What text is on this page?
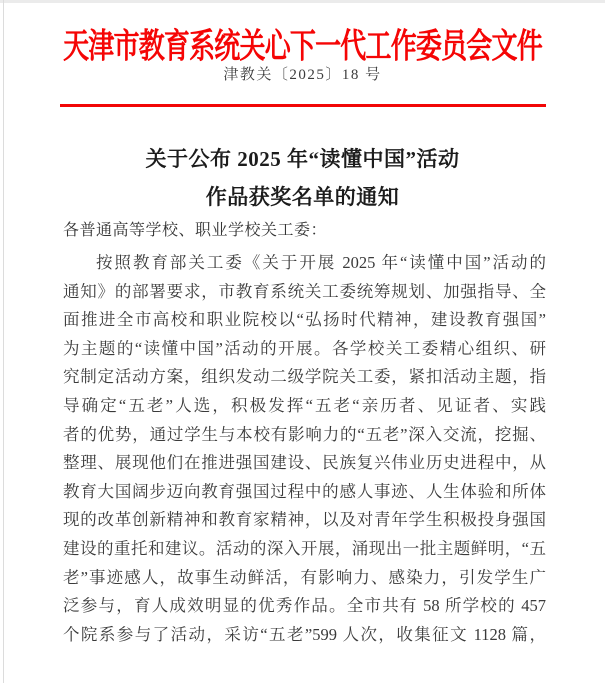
天津市教育系统关心下一代工作委员会文件
津教关〔2025〕18 号
关于公布 2025 年“读懂中国”活动
作品获奖名单的通知
各普通高等学校、职业学校关工委：
按照教育部关工委《关于开展 2025 年“读懂中国”活动的
通知》的部署要求，市教育系统关工委统筹规划、加强指导、全
面推进全市高校和职业院校以“弘扬时代精神，建设教育强国”
为主题的“读懂中国”活动的开展。各学校关工委精心组织、研
究制定活动方案，组织发动二级学院关工委，紧扣活动主题，指
导确定“五老”人选，积极发挥“五老“亲历者、见证者、实践
者的优势，通过学生与本校有影响力的“五老”深入交流，挖掘、
整理、展现他们在推进强国建设、民族复兴伟业历史进程中，从
教育大国阔步迈向教育强国过程中的感人事迹、人生体验和所体
现的改革创新精神和教育家精神，以及对青年学生积极投身强国
建设的重托和建议。活动的深入开展，涌现出一批主题鲜明，“五
老”事迹感人，故事生动鲜活，有影响力、感染力，引发学生广
泛参与，育人成效明显的优秀作品。全市共有 58 所学校的 457
个院系参与了活动，采访“五老”599 人次，收集征文 1128 篇，
